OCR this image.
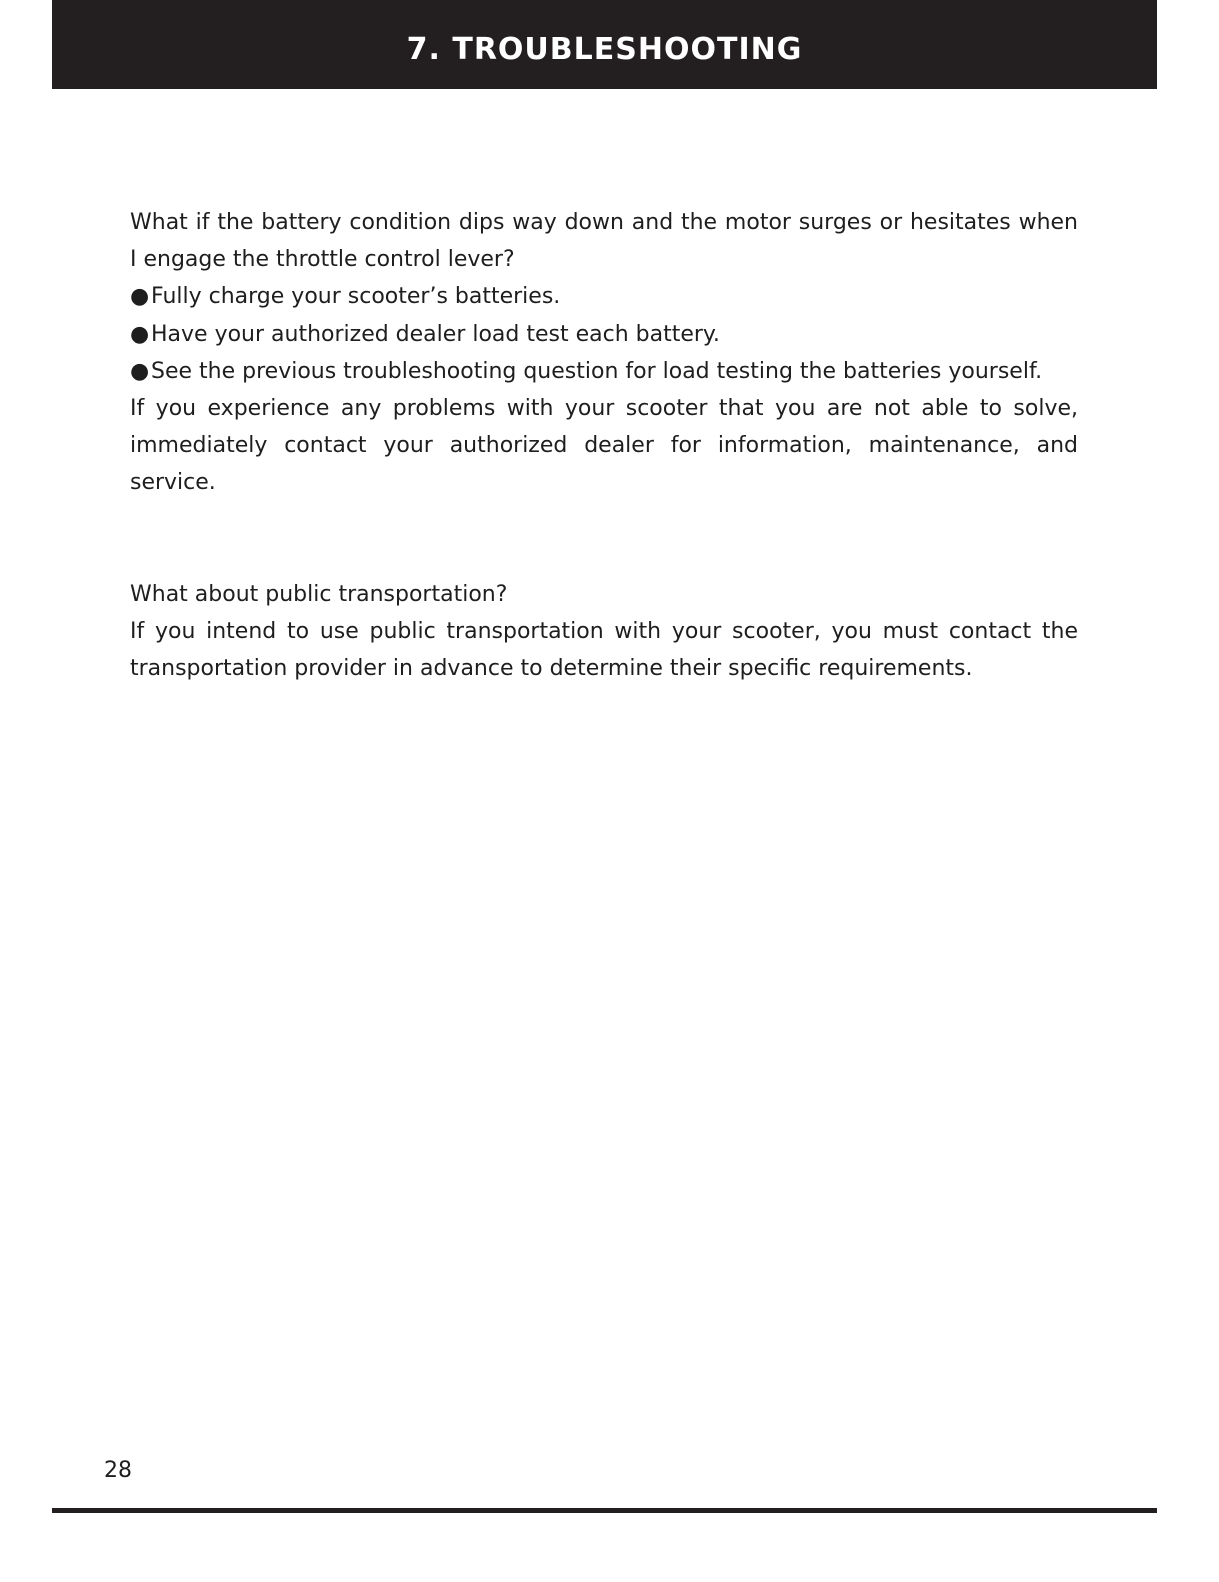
7. TROUBLESHOOTING

What if the battery condition dips way down and the motor surges or hesitates when I engage the throttle control lever?

● Fully charge your scooter’s batteries.
● Have your authorized dealer load test each battery.
● See the previous troubleshooting question for load testing the batteries yourself.

If you experience any problems with your scooter that you are not able to solve, immediately contact your authorized dealer for information, maintenance, and service.

What about public transportation?

If you intend to use public transportation with your scooter, you must contact the transportation provider in advance to determine their specific requirements.

28
